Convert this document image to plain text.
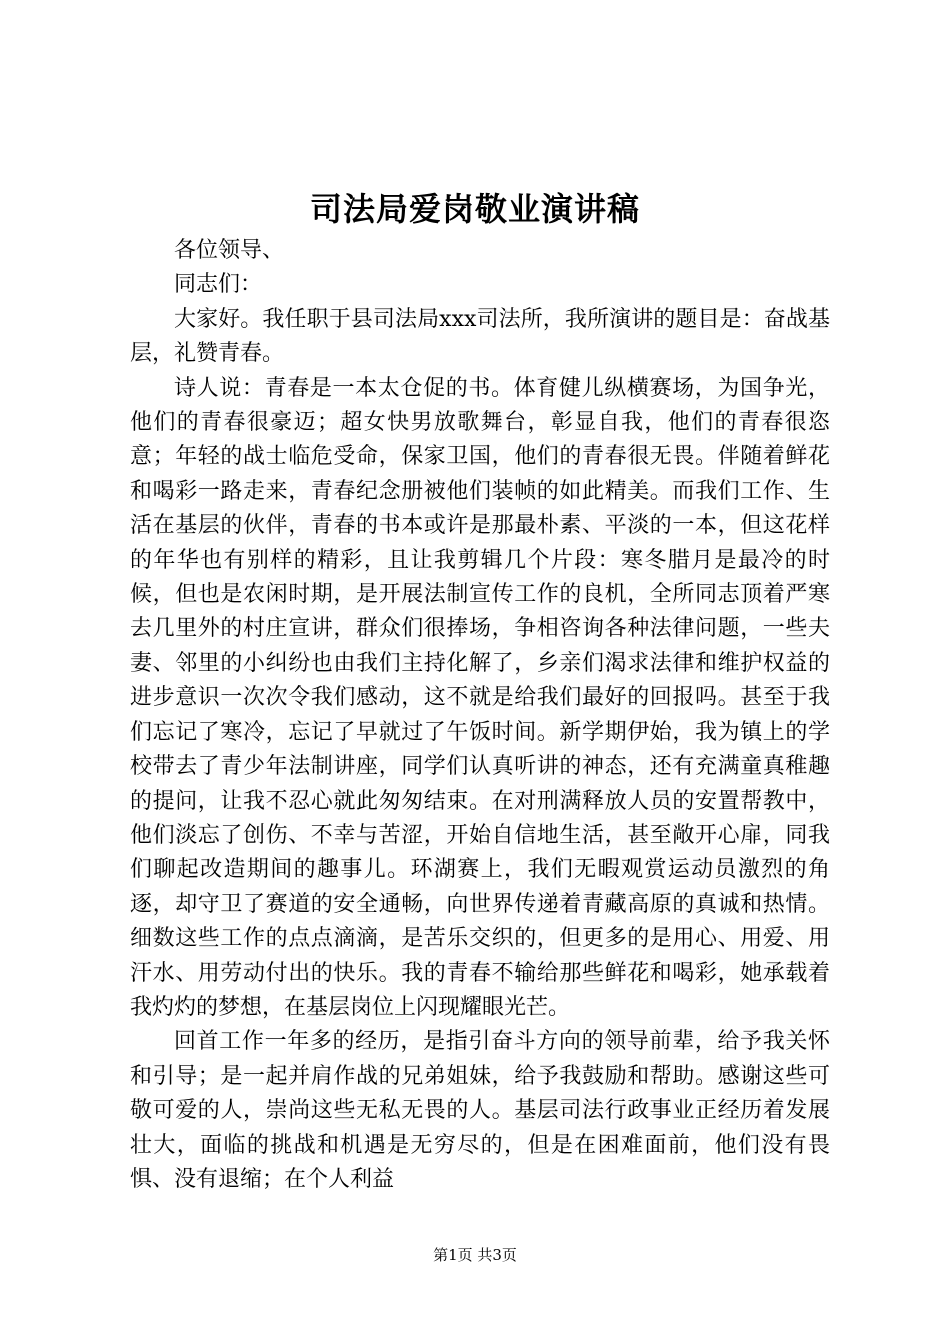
司法局爱岗敬业演讲稿

各位领导、

同志们：

大家好。我任职于县司法局xxx司法所，我所演讲的题目是：奋战基层，礼赞青春。

诗人说：青春是一本太仓促的书。体育健儿纵横赛场，为国争光，他们的青春很豪迈；超女快男放歌舞台，彰显自我，他们的青春很恣意；年轻的战士临危受命，保家卫国，他们的青春很无畏。伴随着鲜花和喝彩一路走来，青春纪念册被他们装帧的如此精美。而我们工作、生活在基层的伙伴，青春的书本或许是那最朴素、平淡的一本，但这花样的年华也有别样的精彩，且让我剪辑几个片段：寒冬腊月是最冷的时候，但也是农闲时期，是开展法制宣传工作的良机，全所同志顶着严寒去几里外的村庄宣讲，群众们很捧场，争相咨询各种法律问题，一些夫妻、邻里的小纠纷也由我们主持化解了，乡亲们渴求法律和维护权益的进步意识一次次令我们感动，这不就是给我们最好的回报吗。甚至于我们忘记了寒冷，忘记了早就过了午饭时间。新学期伊始，我为镇上的学校带去了青少年法制讲座，同学们认真听讲的神态，还有充满童真稚趣的提问，让我不忍心就此匆匆结束。在对刑满释放人员的安置帮教中，他们淡忘了创伤、不幸与苦涩，开始自信地生活，甚至敞开心扉，同我们聊起改造期间的趣事儿。环湖赛上，我们无暇观赏运动员激烈的角逐，却守卫了赛道的安全通畅，向世界传递着青藏高原的真诚和热情。细数这些工作的点点滴滴，是苦乐交织的，但更多的是用心、用爱、用汗水、用劳动付出的快乐。我的青春不输给那些鲜花和喝彩，她承载着我灼灼的梦想，在基层岗位上闪现耀眼光芒。

回首工作一年多的经历，是指引奋斗方向的领导前辈，给予我关怀和引导；是一起并肩作战的兄弟姐妹，给予我鼓励和帮助。感谢这些可敬可爱的人，崇尚这些无私无畏的人。基层司法行政事业正经历着发展壮大，面临的挑战和机遇是无穷尽的，但是在困难面前，他们没有畏惧、没有退缩；在个人利益

第1页 共3页
